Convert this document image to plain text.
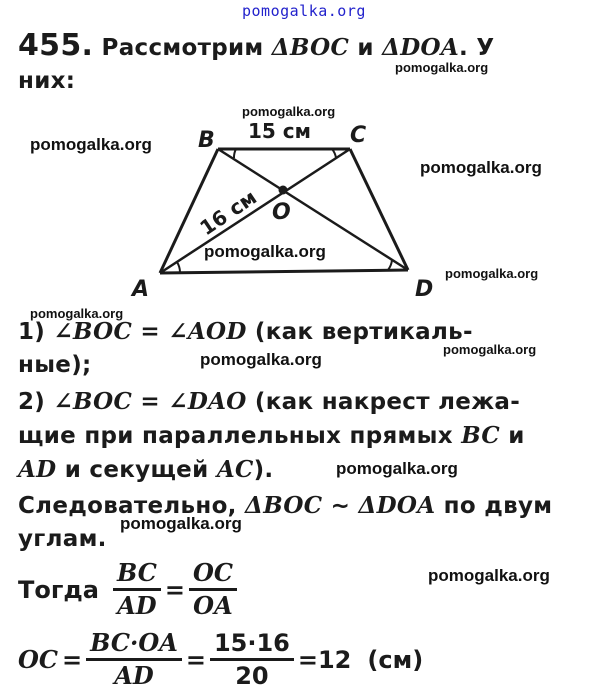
pomogalka.org
pomogalka.org
pomogalka.org
pomogalka.org
pomogalka.org
pomogalka.org
pomogalka.org
pomogalka.org
pomogalka.org
pomogalka.org
pomogalka.org
pomogalka.org
pomogalka.org
455. Рассмотрим ΔBOC и ΔDOA. У
них:
B	C
O
A	D
15 см
16 см
1) ∠BOC = ∠AOD (как вертикаль-
ные);
2) ∠BOC = ∠DAO (как накрест лежа-
щие при параллельных прямых BC и
AD и секущей AC).
Следовательно, ΔBOC ~ ΔDOA по двум
углам.
Тогда $\frac{BC}{AD} = \frac{OC}{OA}$
OC = $\frac{BC\cdot OA}{AD} = \frac{15\cdot 16}{20} =12$ (см)
